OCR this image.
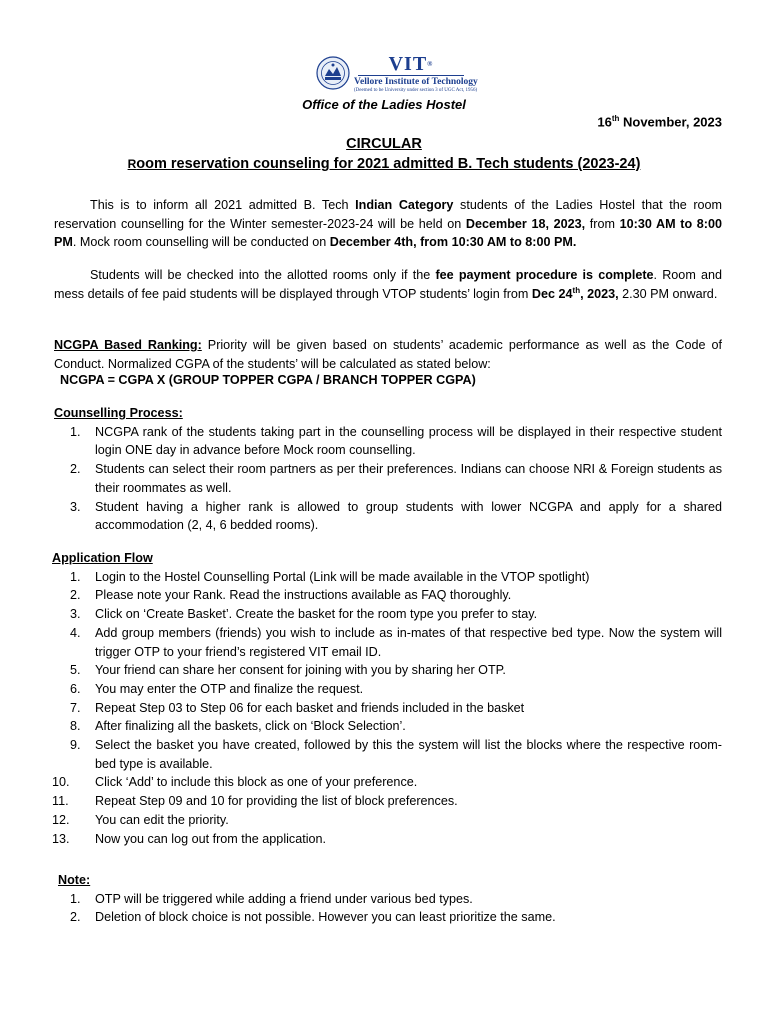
VIT®
Vellore Institute of Technology
(Deemed to be University under section 3 of UGC Act, 1956)
Office of the Ladies Hostel
16th November, 2023
CIRCULAR
Room reservation counseling for 2021 admitted B. Tech students (2023-24)

This is to inform all 2021 admitted B. Tech Indian Category students of the Ladies Hostel that the room reservation counselling for the Winter semester-2023-24 will be held on December 18, 2023, from 10:30 AM to 8:00 PM. Mock room counselling will be conducted on December 4th, from 10:30 AM to 8:00 PM.

Students will be checked into the allotted rooms only if the fee payment procedure is complete. Room and mess details of fee paid students will be displayed through VTOP students’ login from Dec 24th, 2023, 2.30 PM onward.

NCGPA Based Ranking: Priority will be given based on students’ academic performance as well as the Code of Conduct. Normalized CGPA of the students’ will be calculated as stated below:

NCGPA = CGPA X (GROUP TOPPER CGPA / BRANCH TOPPER CGPA)
Counselling Process:
1. NCGPA rank of the students taking part in the counselling process will be displayed in their respective student login ONE day in advance before Mock room counselling.
2. Students can select their room partners as per their preferences. Indians can choose NRI & Foreign students as their roommates as well.
3. Student having a higher rank is allowed to group students with lower NCGPA and apply for a shared accommodation (2, 4, 6 bedded rooms).
Application Flow
1. Login to the Hostel Counselling Portal (Link will be made available in the VTOP spotlight)
2. Please note your Rank. Read the instructions available as FAQ thoroughly.
3. Click on ‘Create Basket’. Create the basket for the room type you prefer to stay.
4. Add group members (friends) you wish to include as in-mates of that respective bed type. Now the system will trigger OTP to your friend’s registered VIT email ID.
5. Your friend can share her consent for joining with you by sharing her OTP.
6. You may enter the OTP and finalize the request.
7. Repeat Step 03 to Step 06 for each basket and friends included in the basket
8. After finalizing all the baskets, click on ‘Block Selection’.
9. Select the basket you have created, followed by this the system will list the blocks where the respective room-bed type is available.
10. Click ‘Add’ to include this block as one of your preference.
11. Repeat Step 09 and 10 for providing the list of block preferences.
12. You can edit the priority.
13. Now you can log out from the application.
Note:
1. OTP will be triggered while adding a friend under various bed types.
2. Deletion of block choice is not possible. However you can least prioritize the same.
